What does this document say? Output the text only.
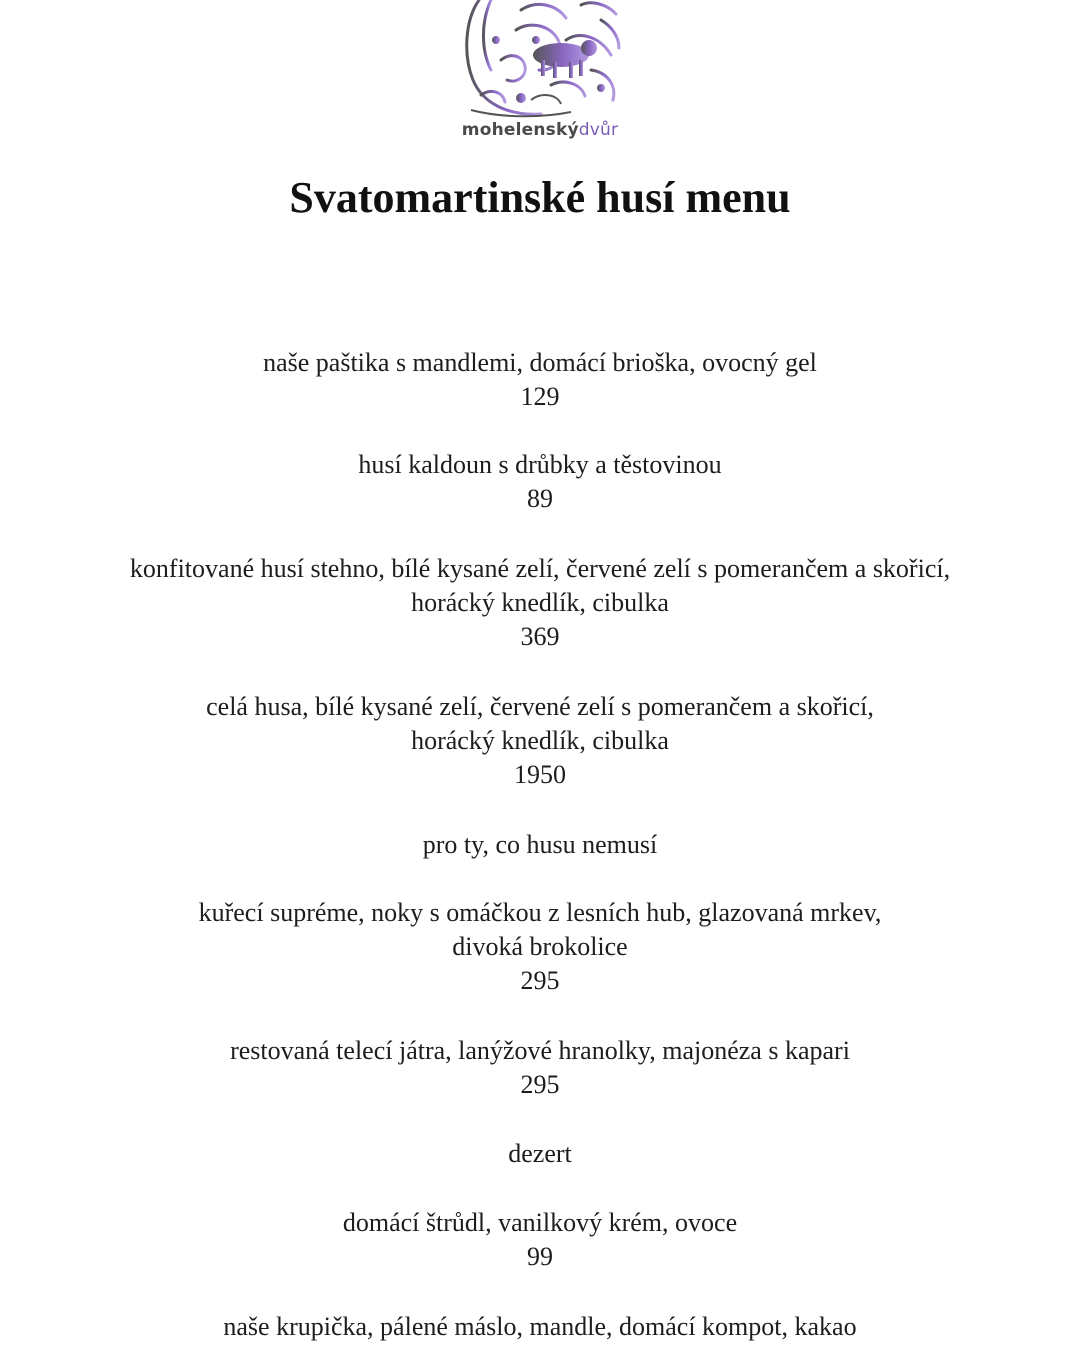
mohelenskýdvůr
Svatomartinské husí menu
naše paštika s mandlemi, domácí brioška, ovocný gel
129
husí kaldoun s drůbky a těstovinou
89
konfitované husí stehno, bílé kysané zelí, červené zelí s pomerančem a skořicí,
horácký knedlík, cibulka
369
celá husa, bílé kysané zelí, červené zelí s pomerančem a skořicí,
horácký knedlík, cibulka
1950
pro ty, co husu nemusí
kuřecí supréme, noky s omáčkou z lesních hub, glazovaná mrkev,
divoká brokolice
295
restovaná telecí játra, lanýžové hranolky, majonéza s kapari
295
dezert
domácí štrůdl, vanilkový krém, ovoce
99
naše krupička, pálené máslo, mandle, domácí kompot, kakao
